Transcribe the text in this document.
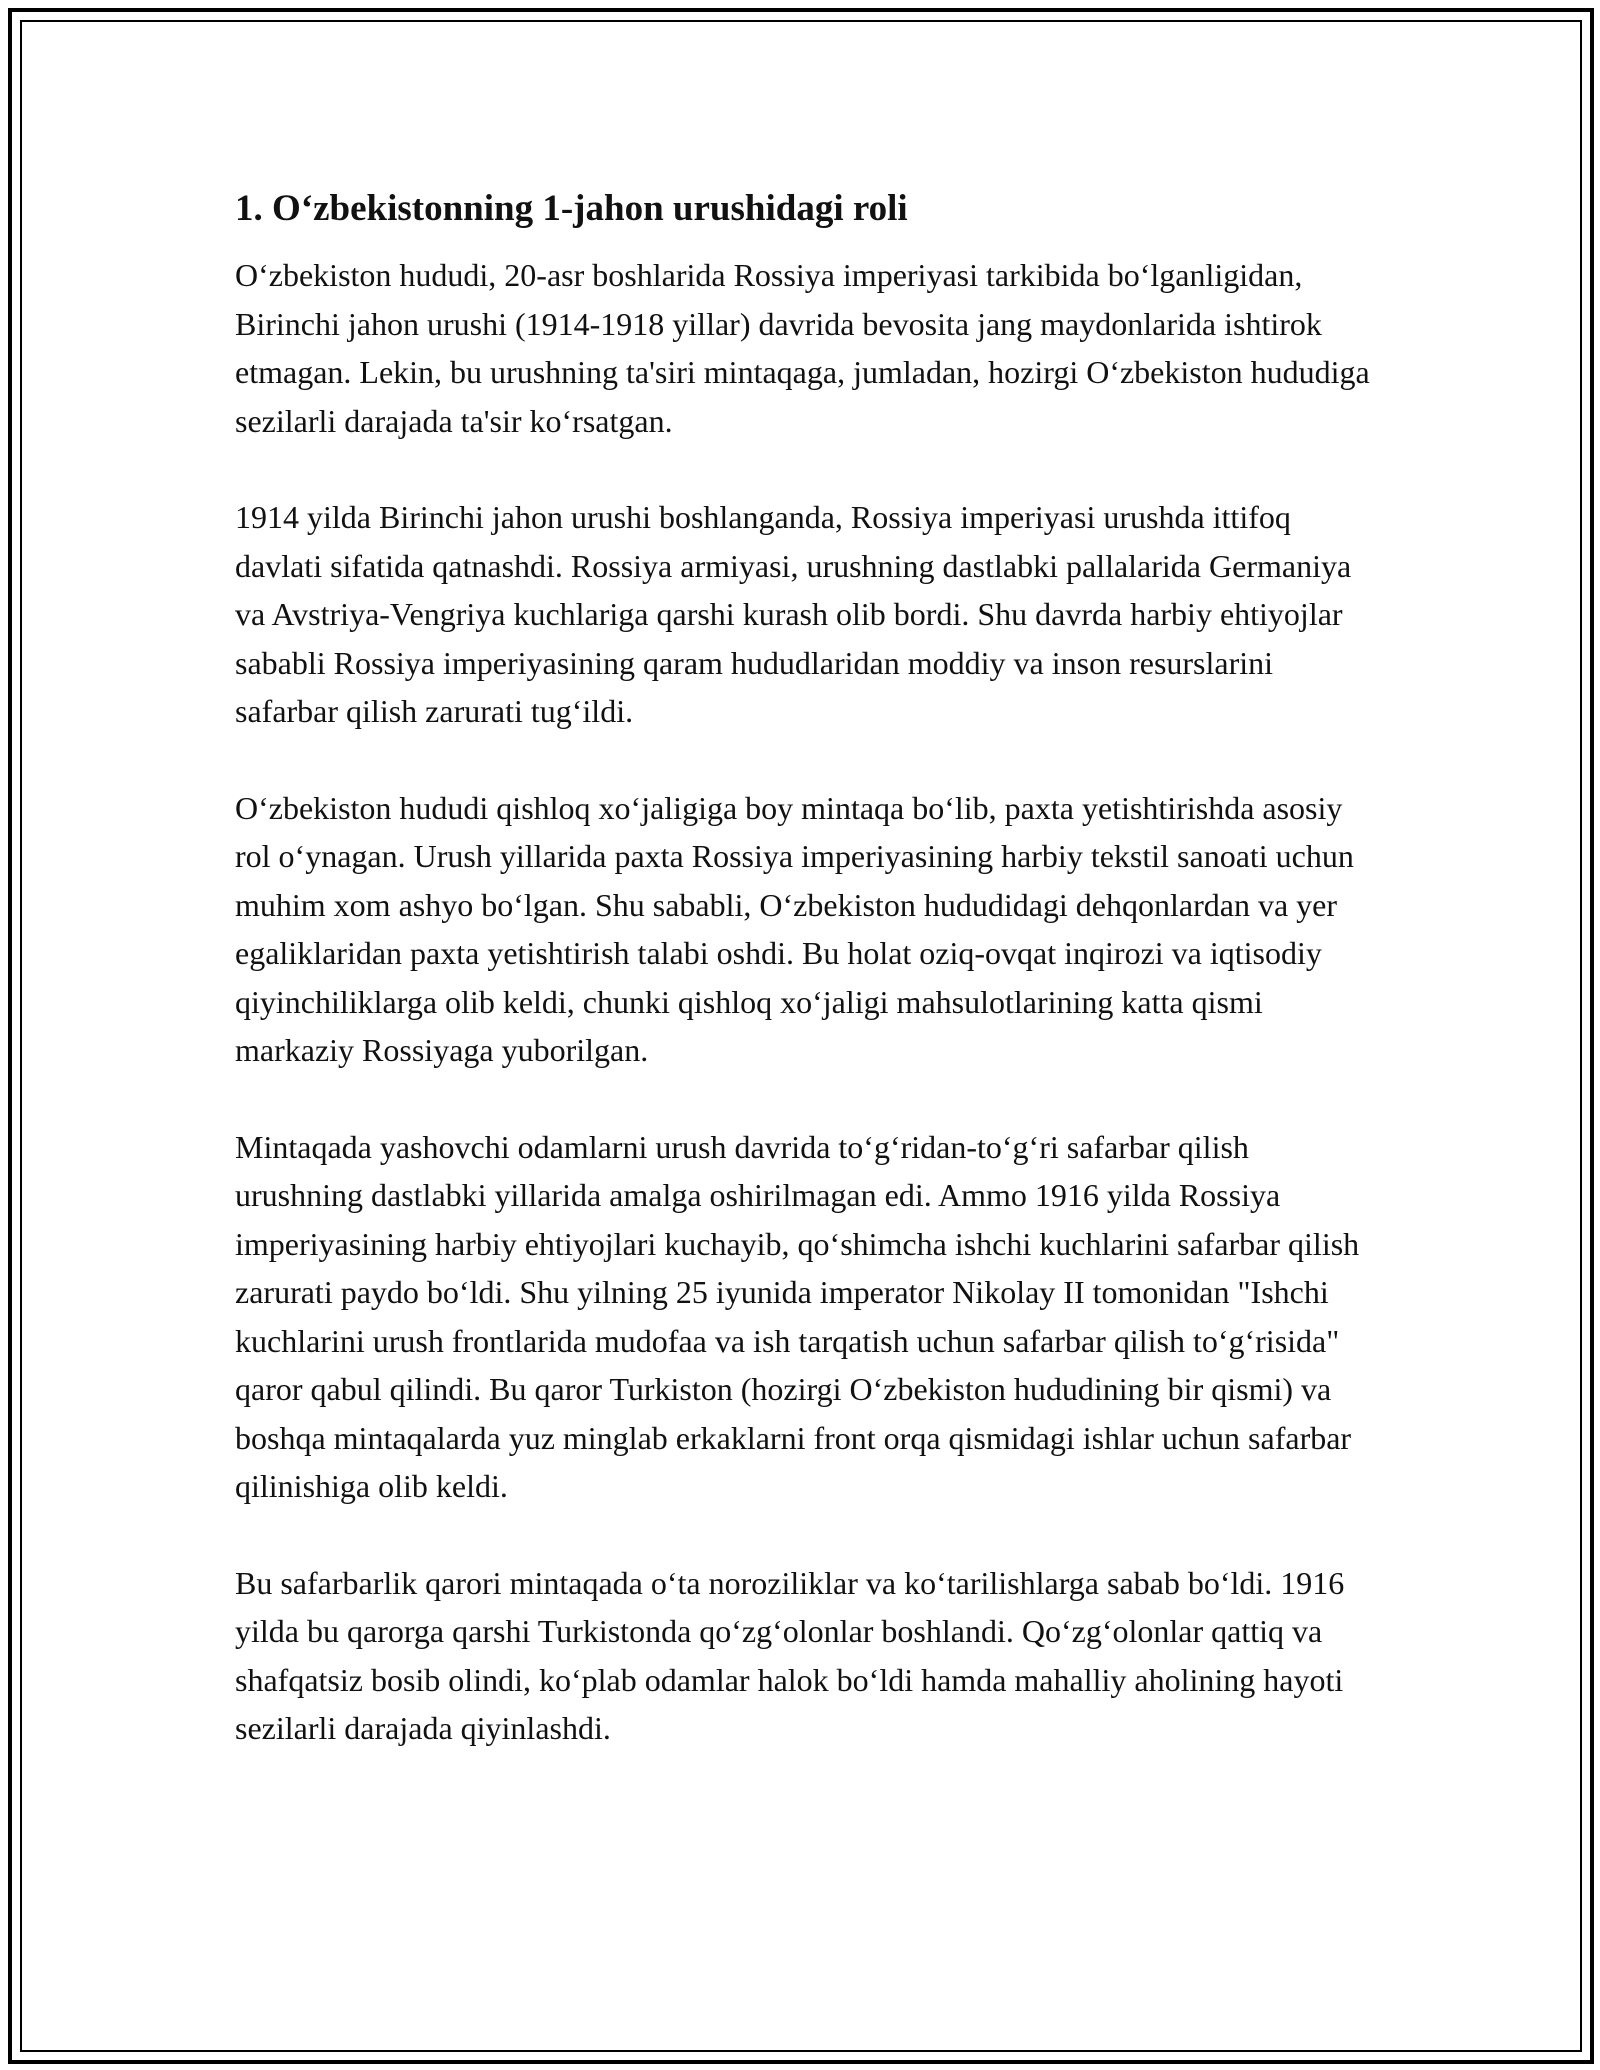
1. O‘zbekistonning 1-jahon urushidagi roli

O‘zbekiston hududi, 20-asr boshlarida Rossiya imperiyasi tarkibida bo‘lganligidan, Birinchi jahon urushi (1914-1918 yillar) davrida bevosita jang maydonlarida ishtirok etmagan. Lekin, bu urushning ta'siri mintaqaga, jumladan, hozirgi O‘zbekiston hududiga sezilarli darajada ta'sir ko‘rsatgan.

1914 yilda Birinchi jahon urushi boshlanganda, Rossiya imperiyasi urushda ittifoq davlati sifatida qatnashdi. Rossiya armiyasi, urushning dastlabki pallalarida Germaniya va Avstriya-Vengriya kuchlariga qarshi kurash olib bordi. Shu davrda harbiy ehtiyojlar sababli Rossiya imperiyasining qaram hududlaridan moddiy va inson resurslarini safarbar qilish zarurati tug‘ildi.

O‘zbekiston hududi qishloq xo‘jaligiga boy mintaqa bo‘lib, paxta yetishtirishda asosiy rol o‘ynagan. Urush yillarida paxta Rossiya imperiyasining harbiy tekstil sanoati uchun muhim xom ashyo bo‘lgan. Shu sababli, O‘zbekiston hududidagi dehqonlardan va yer egaliklaridan paxta yetishtirish talabi oshdi. Bu holat oziq-ovqat inqirozi va iqtisodiy qiyinchiliklarga olib keldi, chunki qishloq xo‘jaligi mahsulotlarining katta qismi markaziy Rossiyaga yuborilgan.

Mintaqada yashovchi odamlarni urush davrida to‘g‘ridan-to‘g‘ri safarbar qilish urushning dastlabki yillarida amalga oshirilmagan edi. Ammo 1916 yilda Rossiya imperiyasining harbiy ehtiyojlari kuchayib, qo‘shimcha ishchi kuchlarini safarbar qilish zarurati paydo bo‘ldi. Shu yilning 25 iyunida imperator Nikolay II tomonidan "Ishchi kuchlarini urush frontlarida mudofaa va ish tarqatish uchun safarbar qilish to‘g‘risida" qaror qabul qilindi. Bu qaror Turkiston (hozirgi O‘zbekiston hududining bir qismi) va boshqa mintaqalarda yuz minglab erkaklarni front orqa qismidagi ishlar uchun safarbar qilinishiga olib keldi.

Bu safarbarlik qarori mintaqada o‘ta noroziliklar va ko‘tarilishlarga sabab bo‘ldi. 1916 yilda bu qarorga qarshi Turkistonda qo‘zg‘olonlar boshlandi. Qo‘zg‘olonlar qattiq va shafqatsiz bosib olindi, ko‘plab odamlar halok bo‘ldi hamda mahalliy aholining hayoti sezilarli darajada qiyinlashdi.
